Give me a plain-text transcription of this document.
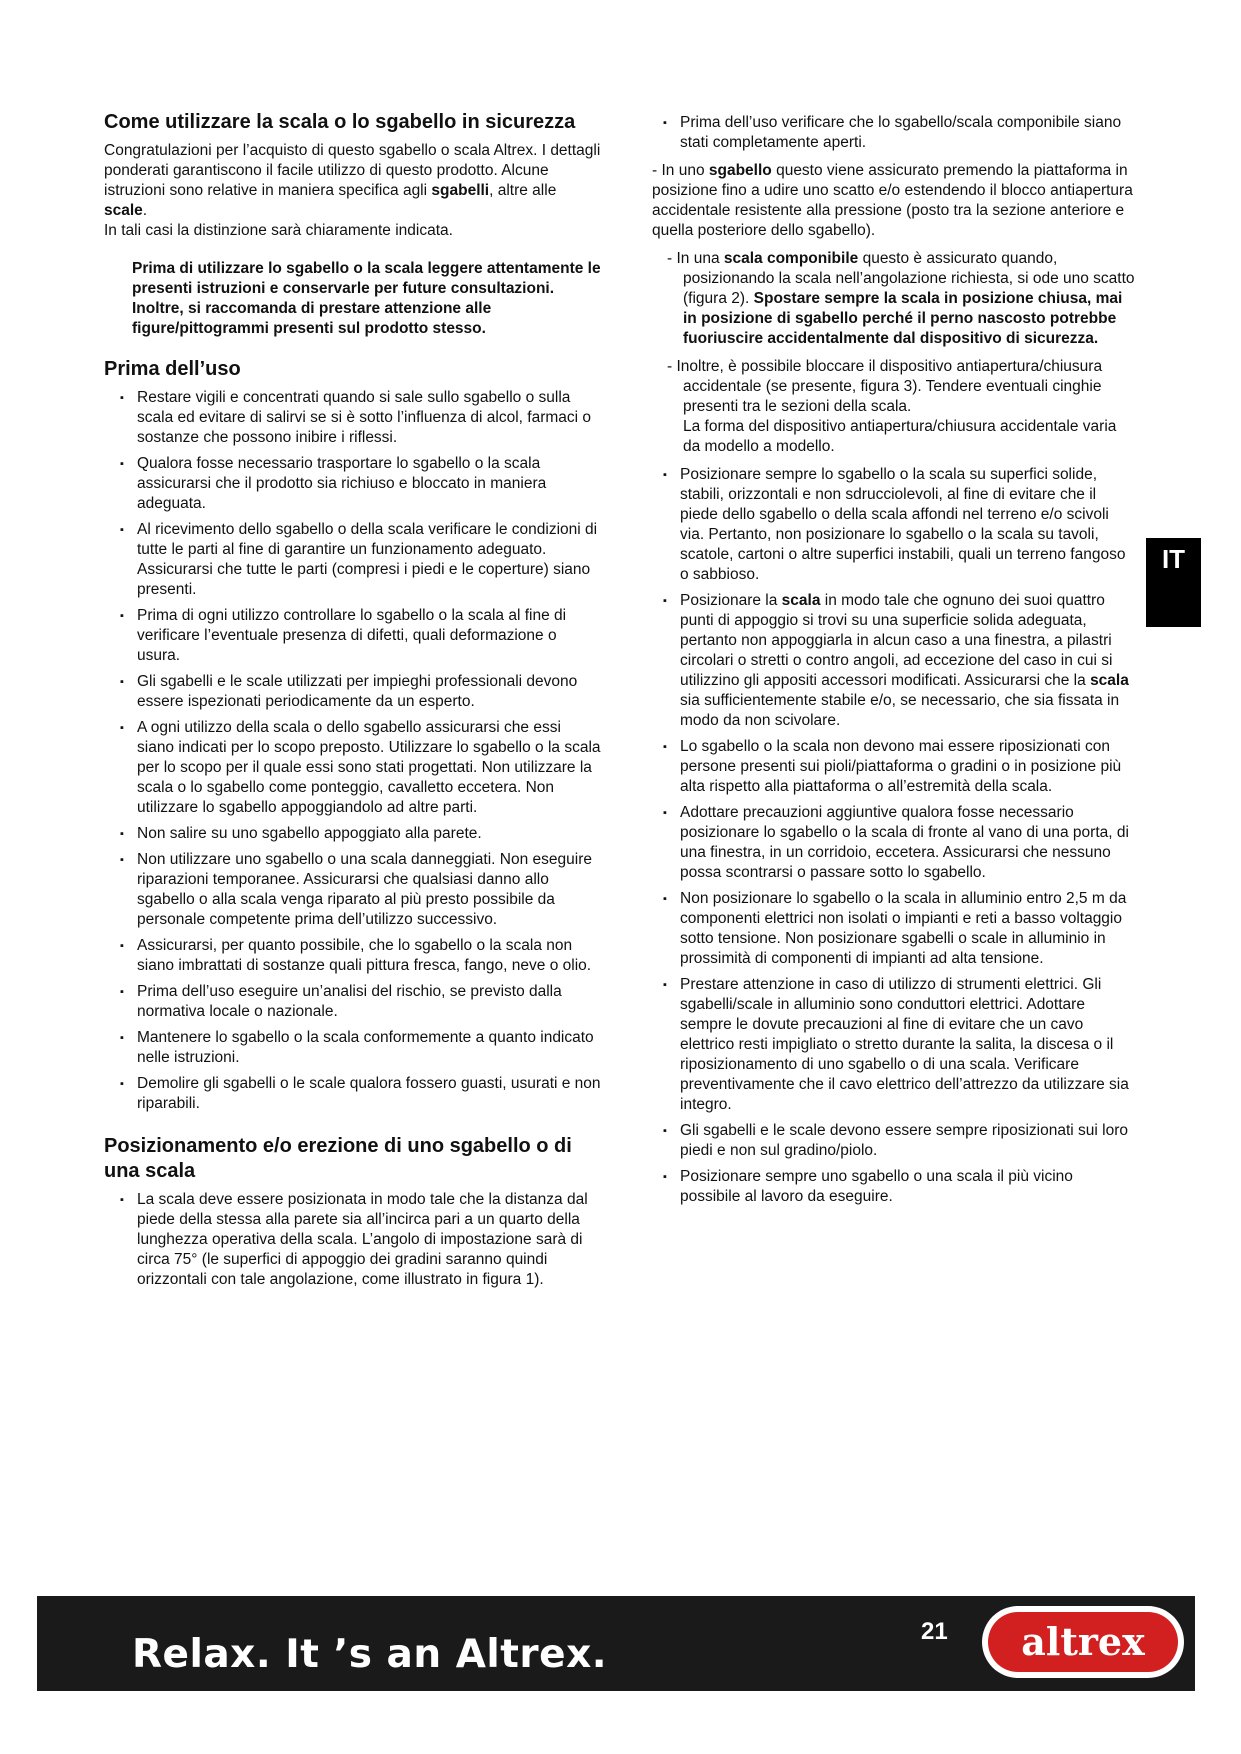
Come utilizzare la scala o lo sgabello in sicurezza

Congratulazioni per l’acquisto di questo sgabello o scala Altrex. I dettagli ponderati garantiscono il facile utilizzo di questo prodotto. Alcune istruzioni sono relative in maniera specifica agli sgabelli, altre alle scale.
In tali casi la distinzione sarà chiaramente indicata.

Prima di utilizzare lo sgabello o la scala leggere attentamente le presenti istruzioni e conservarle per future consultazioni. Inoltre, si raccomanda di prestare attenzione alle figure/pittogrammi presenti sul prodotto stesso.

Prima dell’uso
▪ Restare vigili e concentrati quando si sale sullo sgabello o sulla scala ed evitare di salirvi se si è sotto l’influenza di alcol, farmaci o sostanze che possono inibire i riflessi.
▪ Qualora fosse necessario trasportare lo sgabello o la scala assicurarsi che il prodotto sia richiuso e bloccato in maniera adeguata.
▪ Al ricevimento dello sgabello o della scala verificare le condizioni di tutte le parti al fine di garantire un funzionamento adeguato. Assicurarsi che tutte le parti (compresi i piedi e le coperture) siano presenti.
▪ Prima di ogni utilizzo controllare lo sgabello o la scala al fine di verificare l’eventuale presenza di difetti, quali deformazione o usura.
▪ Gli sgabelli e le scale utilizzati per impieghi professionali devono essere ispezionati periodicamente da un esperto.
▪ A ogni utilizzo della scala o dello sgabello assicurarsi che essi siano indicati per lo scopo preposto. Utilizzare lo sgabello o la scala per lo scopo per il quale essi sono stati progettati. Non utilizzare la scala o lo sgabello come ponteggio, cavalletto eccetera. Non utilizzare lo sgabello appoggiandolo ad altre parti.
▪ Non salire su uno sgabello appoggiato alla parete.
▪ Non utilizzare uno sgabello o una scala danneggiati. Non eseguire riparazioni temporanee. Assicurarsi che qualsiasi danno allo sgabello o alla scala venga riparato al più presto possibile da personale competente prima dell’utilizzo successivo.
▪ Assicurarsi, per quanto possibile, che lo sgabello o la scala non siano imbrattati di sostanze quali pittura fresca, fango, neve o olio.
▪ Prima dell’uso eseguire un’analisi del rischio, se previsto dalla normativa locale o nazionale.
▪ Mantenere lo sgabello o la scala conformemente a quanto indicato nelle istruzioni.
▪ Demolire gli sgabelli o le scale qualora fossero guasti, usurati e non riparabili.
Posizionamento e/o erezione di uno sgabello o di una scala
▪ La scala deve essere posizionata in modo tale che la distanza dal piede della stessa alla parete sia all’incirca pari a un quarto della lunghezza operativa della scala. L’angolo di impostazione sarà di circa 75° (le superfici di appoggio dei gradini saranno quindi orizzontali con tale angolazione, come illustrato in figura 1).
▪ Prima dell’uso verificare che lo sgabello/scala componibile siano stati completamente aperti.

- In uno sgabello questo viene assicurato premendo la piattaforma in posizione fino a udire uno scatto e/o estendendo il blocco antiapertura accidentale resistente alla pressione (posto tra la sezione anteriore e quella posteriore dello sgabello).

- In una scala componibile questo è assicurato quando, posizionando la scala nell’angolazione richiesta, si ode uno scatto (figura 2). Spostare sempre la scala in posizione chiusa, mai in posizione di sgabello perché il perno nascosto potrebbe fuoriuscire accidentalmente dal dispositivo di sicurezza.

- Inoltre, è possibile bloccare il dispositivo antiapertura/chiusura accidentale (se presente, figura 3). Tendere eventuali cinghie presenti tra le sezioni della scala.
La forma del dispositivo antiapertura/chiusura accidentale varia da modello a modello.

▪ Posizionare sempre lo sgabello o la scala su superfici solide, stabili, orizzontali e non sdrucciolevoli, al fine di evitare che il piede dello sgabello o della scala affondi nel terreno e/o scivoli via. Pertanto, non posizionare lo sgabello o la scala su tavoli, scatole, cartoni o altre superfici instabili, quali un terreno fangoso o sabbioso.
▪ Posizionare la scala in modo tale che ognuno dei suoi quattro punti di appoggio si trovi su una superficie solida adeguata, pertanto non appoggiarla in alcun caso a una finestra, a pilastri circolari o stretti o contro angoli, ad eccezione del caso in cui si utilizzino gli appositi accessori modificati. Assicurarsi che la scala sia sufficientemente stabile e/o, se necessario, che sia fissata in modo da non scivolare.
▪ Lo sgabello o la scala non devono mai essere riposizionati con persone presenti sui pioli/piattaforma o gradini o in posizione più alta rispetto alla piattaforma o all’estremità della scala.
▪ Adottare precauzioni aggiuntive qualora fosse necessario posizionare lo sgabello o la scala di fronte al vano di una porta, di una finestra, in un corridoio, eccetera. Assicurarsi che nessuno possa scontrarsi o passare sotto lo sgabello.
▪ Non posizionare lo sgabello o la scala in alluminio entro 2,5 m da componenti elettrici non isolati o impianti e reti a basso voltaggio sotto tensione. Non posizionare sgabelli o scale in alluminio in prossimità di componenti di impianti ad alta tensione.
▪ Prestare attenzione in caso di utilizzo di strumenti elettrici. Gli sgabelli/scale in alluminio sono conduttori elettrici. Adottare sempre le dovute precauzioni al fine di evitare che un cavo elettrico resti impigliato o stretto durante la salita, la discesa o il riposizionamento di uno sgabello o di una scala. Verificare preventivamente che il cavo elettrico dell’attrezzo da utilizzare sia integro.
▪ Gli sgabelli e le scale devono essere sempre riposizionati sui loro piedi e non sul gradino/piolo.
▪ Posizionare sempre uno sgabello o una scala il più vicino possibile al lavoro da eseguire.
IT
Relax. It ’s an Altrex.
21 altrex
